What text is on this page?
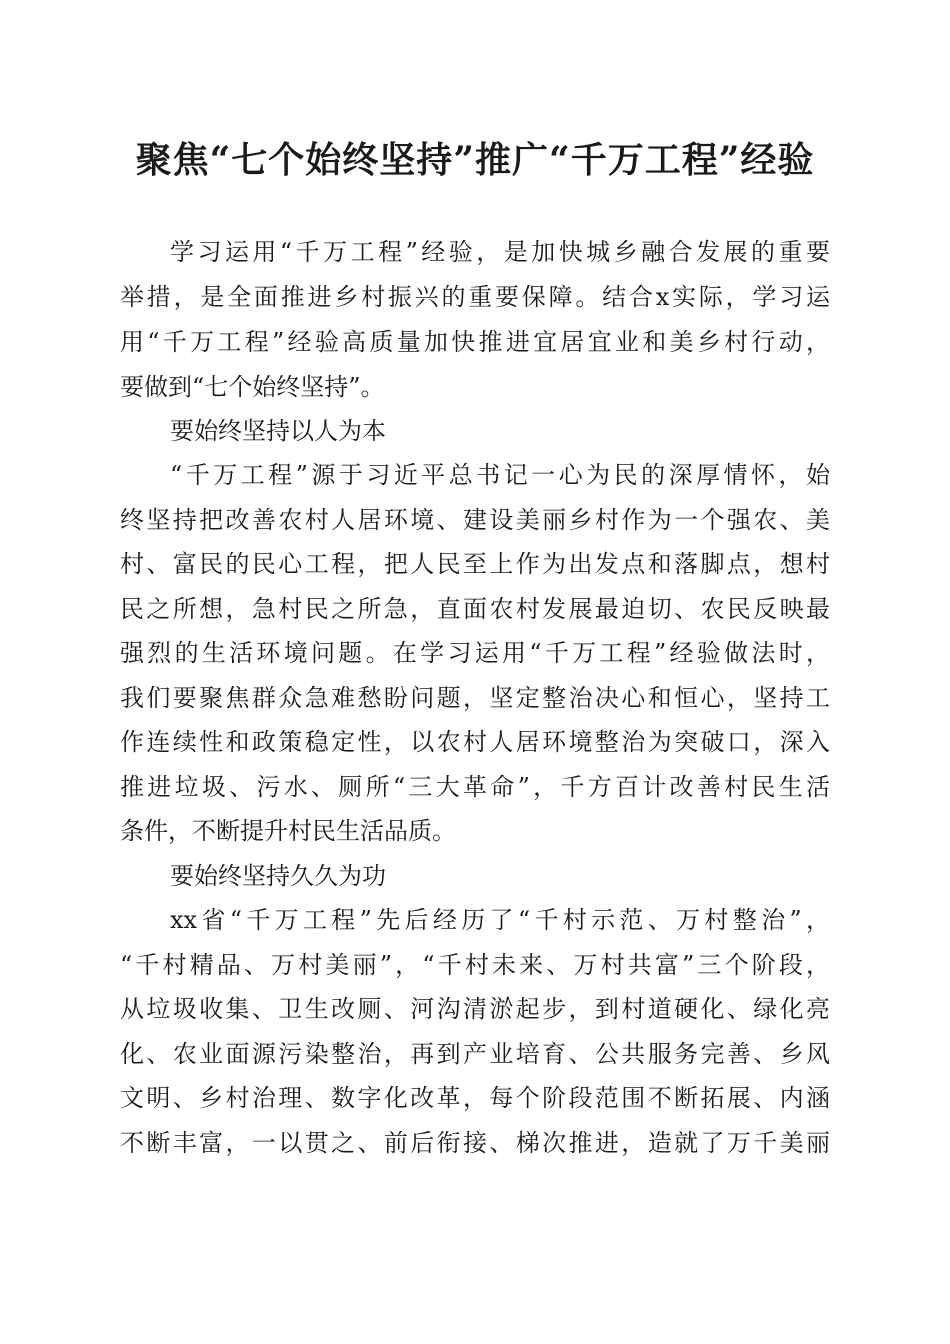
聚焦“七个始终坚持”推广“千万工程”经验
学习运用“千万工程”经验，是加快城乡融合发展的重要
举措，是全面推进乡村振兴的重要保障。结合x实际，学习运
用“千万工程”经验高质量加快推进宜居宜业和美乡村行动，
要做到“七个始终坚持”。
要始终坚持以人为本
“千万工程”源于习近平总书记一心为民的深厚情怀，始
终坚持把改善农村人居环境、建设美丽乡村作为一个强农、美
村、富民的民心工程，把人民至上作为出发点和落脚点，想村
民之所想，急村民之所急，直面农村发展最迫切、农民反映最
强烈的生活环境问题。在学习运用“千万工程”经验做法时，
我们要聚焦群众急难愁盼问题，坚定整治决心和恒心，坚持工
作连续性和政策稳定性，以农村人居环境整治为突破口，深入
推进垃圾、污水、厕所“三大革命”，千方百计改善村民生活
条件，不断提升村民生活品质。
要始终坚持久久为功
xx省“千万工程”先后经历了“千村示范、万村整治”，
“千村精品、万村美丽”，“千村未来、万村共富”三个阶段，
从垃圾收集、卫生改厕、河沟清淤起步，到村道硬化、绿化亮
化、农业面源污染整治，再到产业培育、公共服务完善、乡风
文明、乡村治理、数字化改革，每个阶段范围不断拓展、内涵
不断丰富，一以贯之、前后衔接、梯次推进，造就了万千美丽
